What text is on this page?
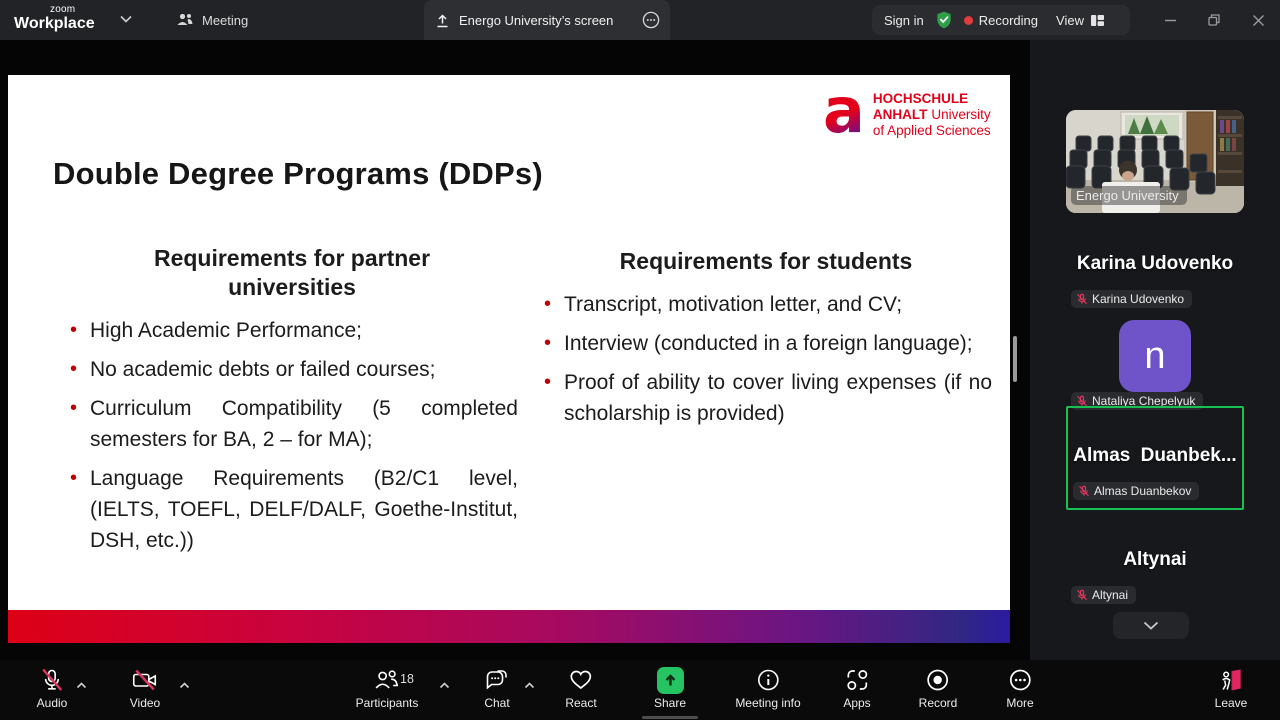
zoom
Workplace	Meeting	Energo University’s screen	Sign in	Recording View
a HOCHSCHULE
ANHALT University
of Applied Sciences
Double Degree Programs (DDPs)
Requirements for partner universities
• High Academic Performance;
• No academic debts or failed courses;
• Curriculum Compatibility (5 completed semesters for BA, 2 – for MA);
• Language Requirements (B2/C1 level, (IELTS, TOEFL, DELF/DALF, Goethe-Institut, DSH, etc.))
Requirements for students
• Transcript, motivation letter, and CV;
• Interview (conducted in a foreign language);
• Proof of ability to cover living expenses (if no scholarship is provided)
Energo University
Karina Udovenko
Karina Udovenko
n
Nataliya Chepelyuk
Almas Duanbek...
Almas Duanbekov
Altynai
Altynai
Audio	Video	Participants
18
Chat	React	Share	Meeting info	Apps	Record	More	Leave
